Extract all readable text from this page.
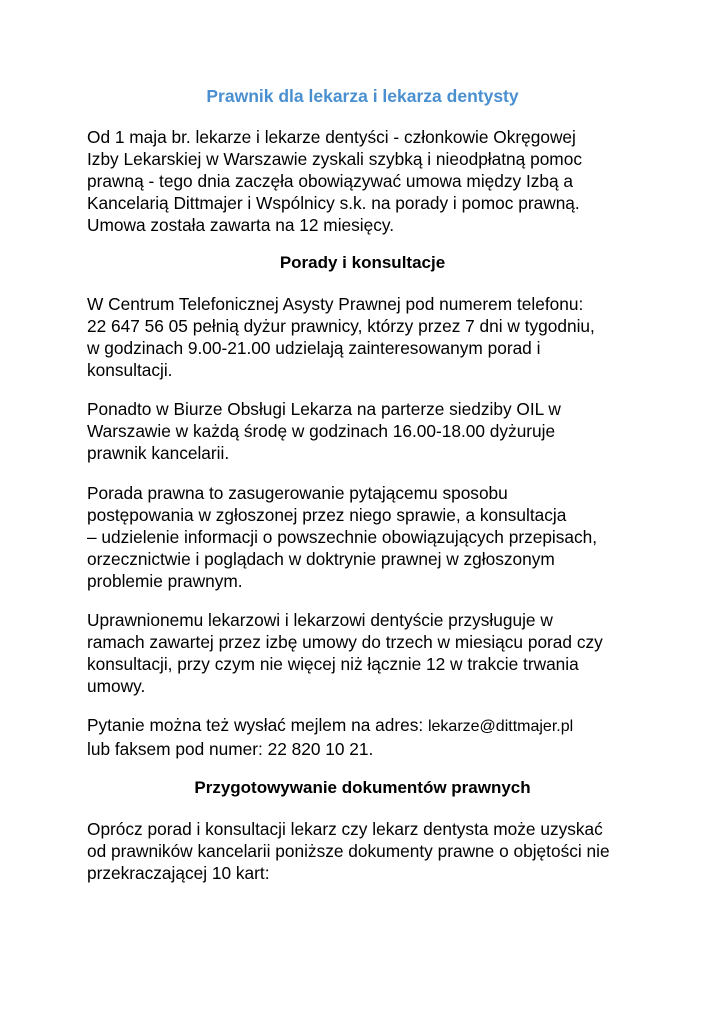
Prawnik dla lekarza i lekarza dentysty

Od 1 maja br. lekarze i lekarze dentyści - członkowie Okręgowej
Izby Lekarskiej w Warszawie zyskali szybką i nieodpłatną pomoc
prawną - tego dnia zaczęła obowiązywać umowa między Izbą a
Kancelarią Dittmajer i Wspólnicy s.k. na porady i pomoc prawną.
Umowa została zawarta na 12 miesięcy.

Porady i konsultacje

W Centrum Telefonicznej Asysty Prawnej pod numerem telefonu:
22 647 56 05 pełnią dyżur prawnicy, którzy przez 7 dni w tygodniu,
w godzinach 9.00-21.00 udzielają zainteresowanym porad i
konsultacji.

Ponadto w Biurze Obsługi Lekarza na parterze siedziby OIL w
Warszawie w każdą środę w godzinach 16.00-18.00 dyżuruje
prawnik kancelarii.

Porada prawna to zasugerowanie pytającemu sposobu
postępowania w zgłoszonej przez niego sprawie, a konsultacja
– udzielenie informacji o powszechnie obowiązujących przepisach,
orzecznictwie i poglądach w doktrynie prawnej w zgłoszonym
problemie prawnym.

Uprawnionemu lekarzowi i lekarzowi dentyście przysługuje w
ramach zawartej przez izbę umowy do trzech w miesiącu porad czy
konsultacji, przy czym nie więcej niż łącznie 12 w trakcie trwania
umowy.

Pytanie można też wysłać mejlem na adres: lekarze@dittmajer.pl
lub faksem pod numer: 22 820 10 21.

Przygotowywanie dokumentów prawnych

Oprócz porad i konsultacji lekarz czy lekarz dentysta może uzyskać
od prawników kancelarii poniższe dokumenty prawne o objętości nie
przekraczającej 10 kart:
